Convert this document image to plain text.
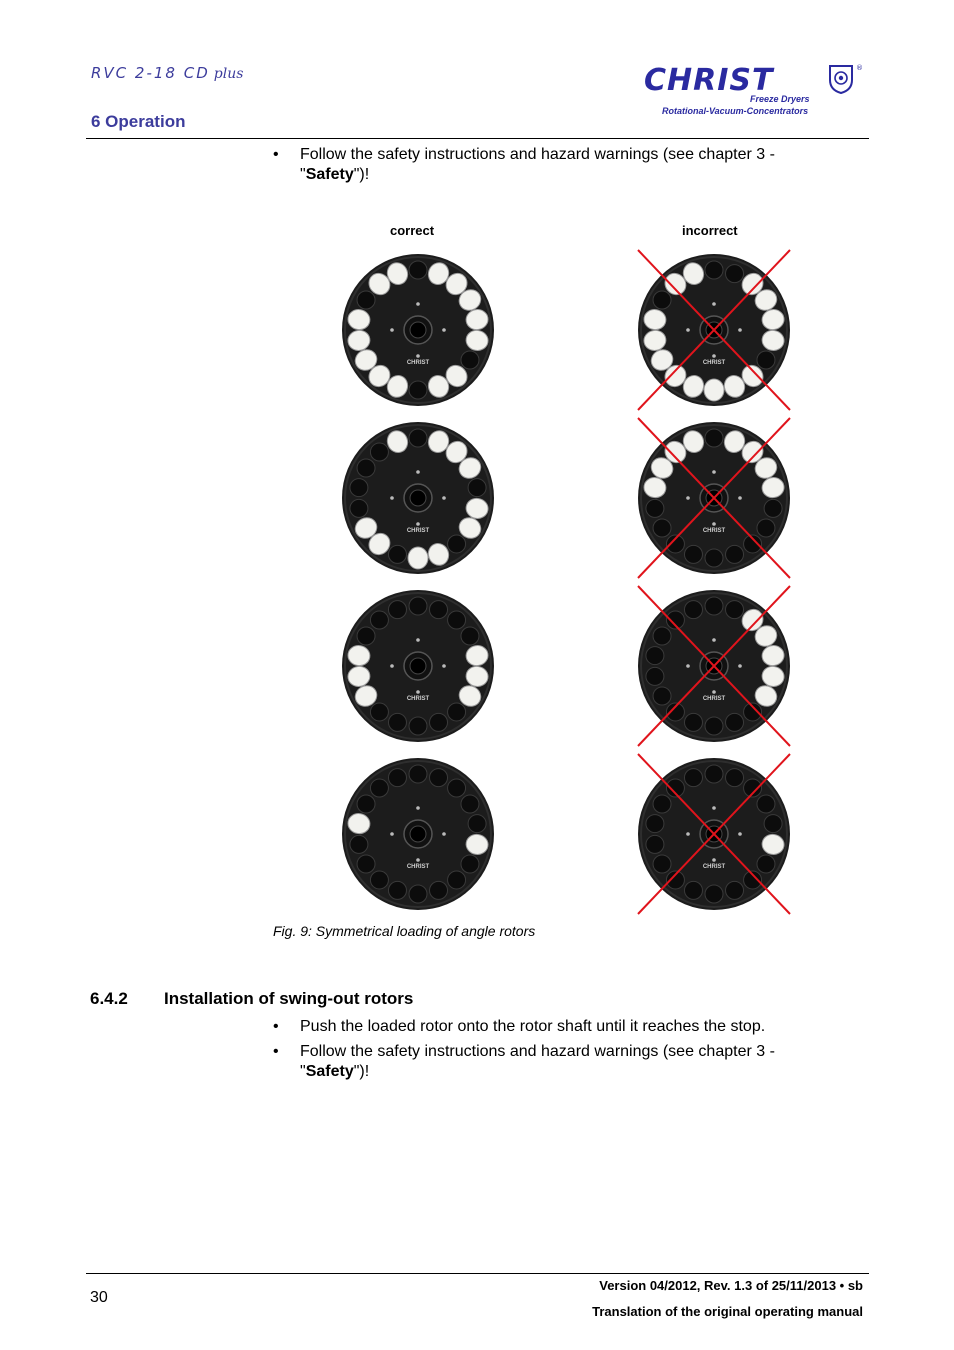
RVC 2-18 CD plus
6 Operation
CHRIST	®
Freeze Dryers
Rotational-Vacuum-Concentrators
• Follow the safety instructions and hazard warnings (see chapter 3 - "Safety")!
correct	incorrect
CHRIST	CHRIST
CHRIST	CHRIST
CHRIST	CHRIST
CHRIST	CHRIST
Fig. 9: Symmetrical loading of angle rotors
6.4.2 Installation of swing-out rotors
• Push the loaded rotor onto the rotor shaft until it reaches the stop.
• Follow the safety instructions and hazard warnings (see chapter 3 - "Safety")!
30
Version 04/2012, Rev. 1.3 of 25/11/2013 • sb
Translation of the original operating manual
